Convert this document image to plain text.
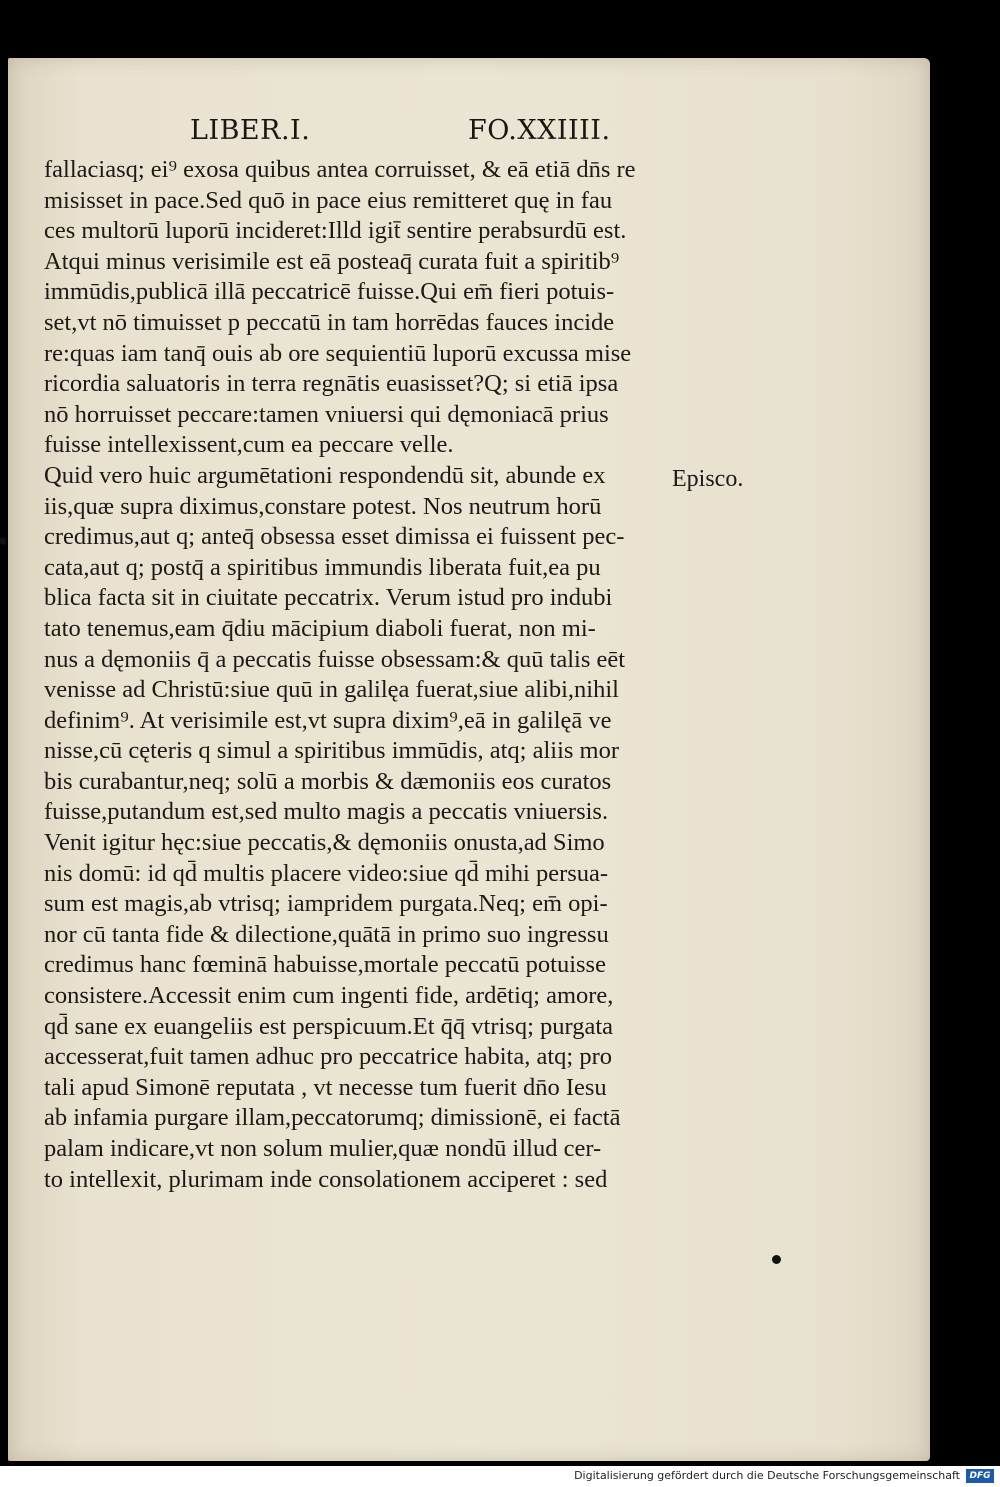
LIBER.I.	FO.XXIIII.
fallaciasq; ei⁹ exosa quibus antea corruisset, & eā etiā dn̄s re
misisset in pace.Sed quō in pace eius remitteret quę in fau
ces multorū luporū incideret:Illd igit̄ sentire perabsurdū est.
Atqui minus verisimile est eā posteaq̄ curata fuit a spiritib⁹
immūdis,publicā illā peccatricē fuisse.Qui em̄ fieri potuis-
set,vt nō timuisset p peccatū in tam horrēdas fauces incide
re:quas iam tanq̄ ouis ab ore sequientiū luporū excussa mise
ricordia saluatoris in terra regnātis euasisset?Q; si etiā ipsa
nō horruisset peccare:tamen vniuersi qui dęmoniacā prius
fuisse intellexissent,cum ea peccare velle.
Quid vero huic argumētationi respondendū sit, abunde ex
iis,quæ supra diximus,constare potest. Nos neutrum horū
credimus,aut q; anteq̄ obsessa esset dimissa ei fuissent pec-
cata,aut q; postq̄ a spiritibus immundis liberata fuit,ea pu
blica facta sit in ciuitate peccatrix. Verum istud pro indubi
tato tenemus,eam q̄diu mācipium diaboli fuerat, non mi-
nus a dęmoniis q̄ a peccatis fuisse obsessam:& quū talis eēt
venisse ad Christū:siue quū in galilęa fuerat,siue alibi,nihil
definim⁹. At verisimile est,vt supra dixim⁹,eā in galilęā ve
nisse,cū cęteris q simul a spiritibus immūdis, atq; aliis mor
bis curabantur,neq; solū a morbis & dæmoniis eos curatos
fuisse,putandum est,sed multo magis a peccatis vniuersis.
Venit igitur hęc:siue peccatis,& dęmoniis onusta,ad Simo
nis domū: id qd̄ multis placere video:siue qd̄ mihi persua-
sum est magis,ab vtrisq; iampridem purgata.Neq; em̄ opi-
nor cū tanta fide & dilectione,quātā in primo suo ingressu
credimus hanc fœminā habuisse,mortale peccatū potuisse
consistere.Accessit enim cum ingenti fide, ardētiq; amore,
qd̄ sane ex euangeliis est perspicuum.Et q̄q̄ vtrisq; purgata
accesserat,fuit tamen adhuc pro peccatrice habita, atq; pro
tali apud Simonē reputata , vt necesse tum fuerit dn̄o Iesu
ab infamia purgare illam,peccatorumq; dimissionē, ei factā
palam indicare,vt non solum mulier,quæ nondū illud cer-
to intellexit, plurimam inde consolationem acciperet : sed
Episco.
Digitalisierung gefördert durch die Deutsche Forschungsgemeinschaft	DFG
